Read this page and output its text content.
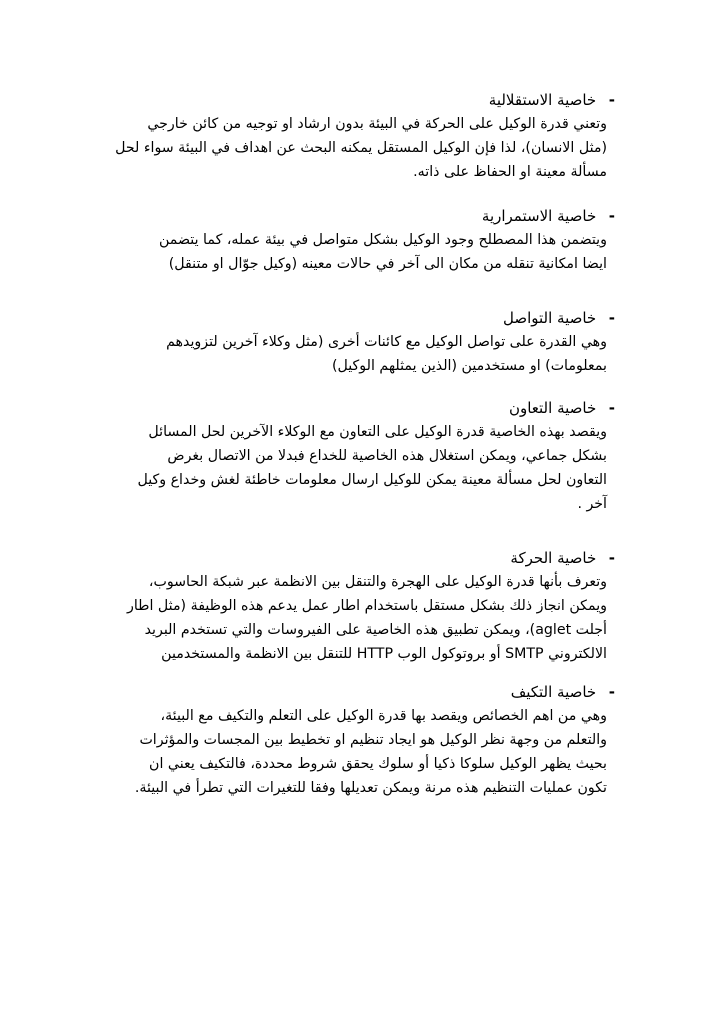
- خاصية الاستقلالية
وتعني قدرة الوكيل على الحركة في البيئة بدون ارشاد او توجيه من كائن خارجي
(مثل الانسان)، لذا فإن الوكيل المستقل يمكنه البحث عن اهداف في البيئة سواء لحل
مسألة معينة او الحفاظ على ذاته.
- خاصية الاستمرارية
ويتضمن هذا المصطلح وجود الوكيل بشكل متواصل في بيئة عمله، كما يتضمن
ايضا امكانية تنقله من مكان الى آخر في حالات معينه (وكيل جوّال او متنقل)
- خاصية التواصل
وهي القدرة على تواصل الوكيل مع كائنات أخرى (مثل وكلاء آخرين لتزويدهم
بمعلومات) او مستخدمين (الذين يمثلهم الوكيل)
- خاصية التعاون
ويقصد بهذه الخاصية قدرة الوكيل على التعاون مع الوكلاء الآخرين لحل المسائل
بشكل جماعي، ويمكن استغلال هذه الخاصية للخداع فبدلا من الاتصال بغرض
التعاون لحل مسألة معينة يمكن للوكيل ارسال معلومات خاطئة لغش وخداع وكيل
آخر .
- خاصية الحركة
وتعرف بأنها قدرة الوكيل على الهجرة والتنقل بين الانظمة عبر شبكة الحاسوب،
ويمكن انجاز ذلك بشكل مستقل باستخدام اطار عمل يدعم هذه الوظيفة (مثل اطار
أجلت aglet)، ويمكن تطبيق هذه الخاصية على الفيروسات والتي تستخدم البريد
الالكتروني SMTP أو بروتوكول الوب HTTP للتنقل بين الانظمة والمستخدمين
- خاصية التكيف
وهي من اهم الخصائص ويقصد بها قدرة الوكيل على التعلم والتكيف مع البيئة،
والتعلم من وجهة نظر الوكيل هو ايجاد تنظيم او تخطيط بين المجسات والمؤثرات
بحيث يظهر الوكيل سلوكا ذكيا أو سلوك يحقق شروط محددة، فالتكيف يعني ان
تكون عمليات التنظيم هذه مرنة ويمكن تعديلها وفقا للتغيرات التي تطرأ في البيئة.
